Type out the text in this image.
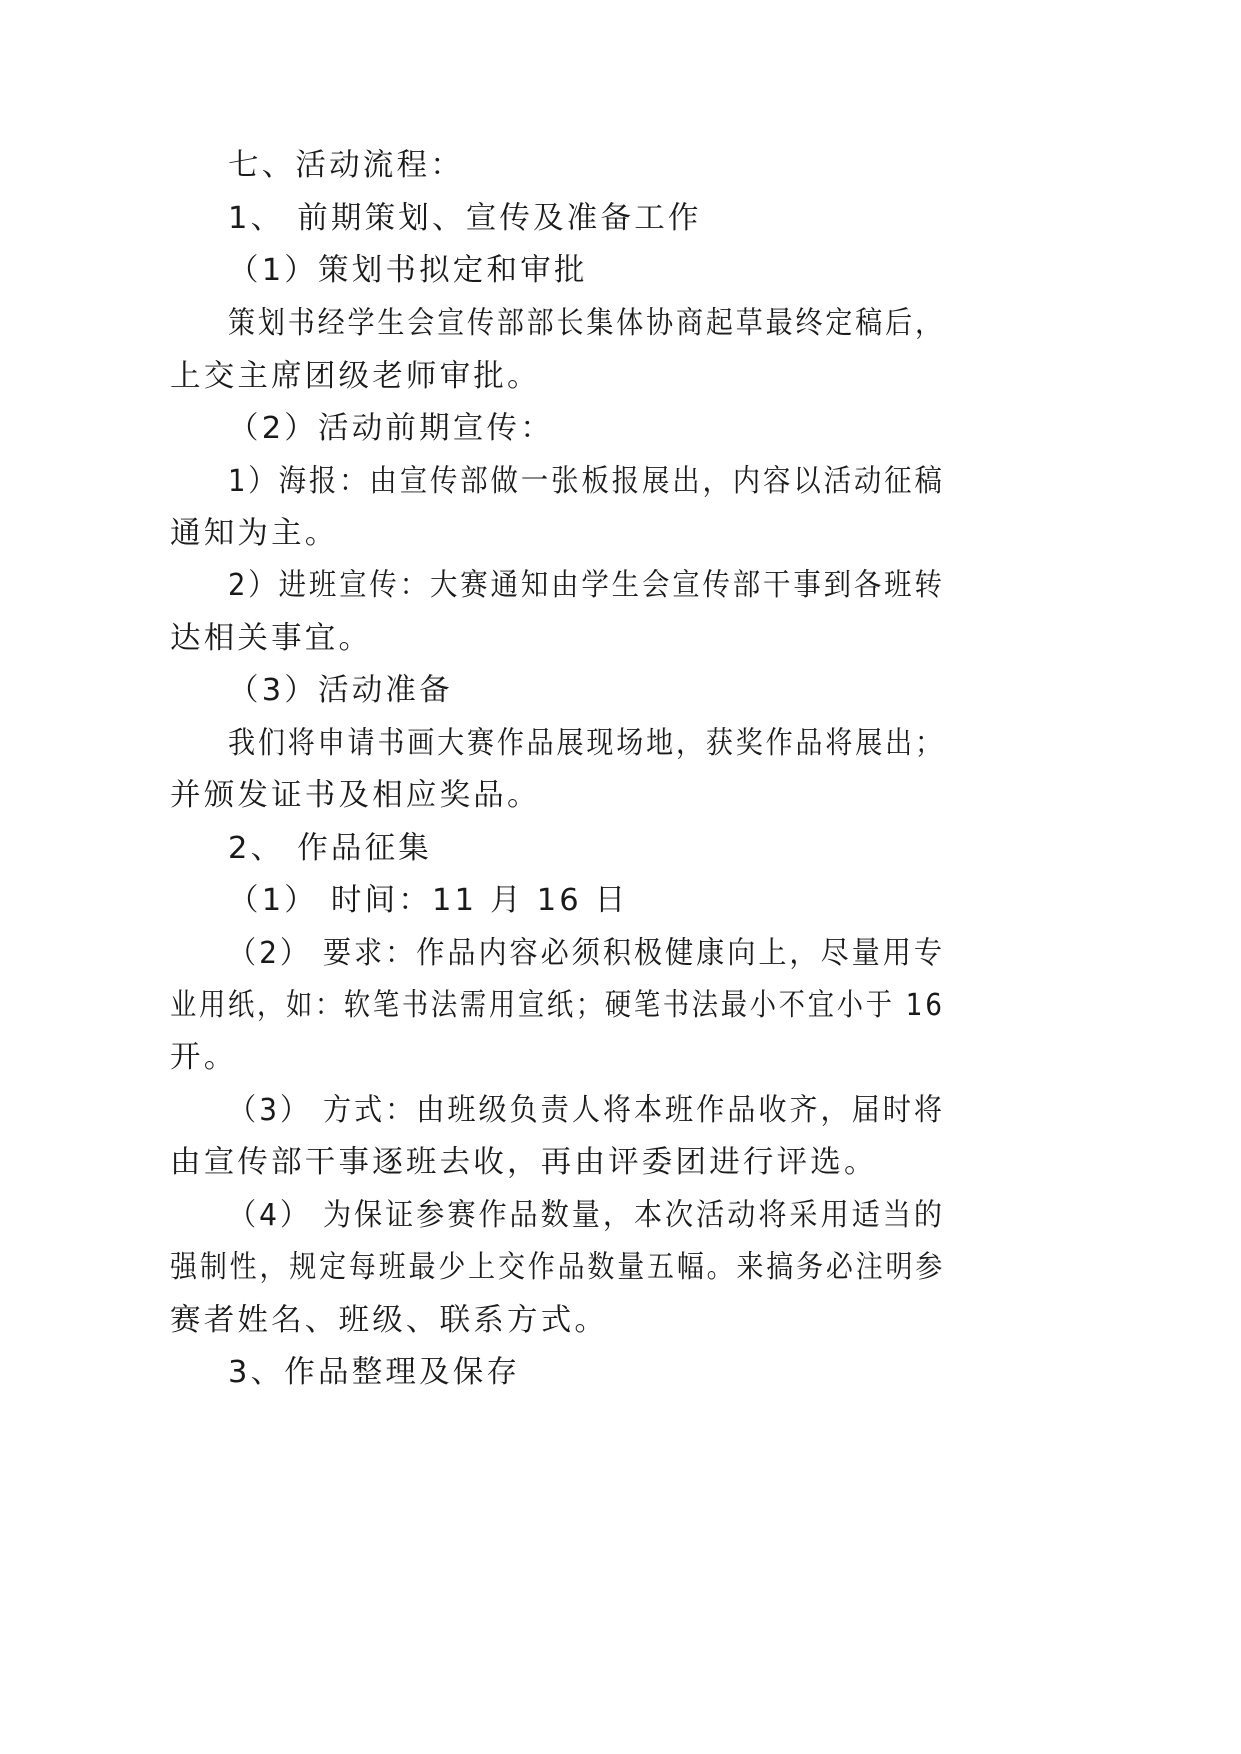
七、活动流程：

1、 前期策划、宣传及准备工作

（1）策划书拟定和审批

策划书经学生会宣传部部长集体协商起草最终定稿后，

上交主席团级老师审批。

（2）活动前期宣传：

1）海报：由宣传部做一张板报展出，内容以活动征稿

通知为主。

2）进班宣传：大赛通知由学生会宣传部干事到各班转

达相关事宜。

（3）活动准备

我们将申请书画大赛作品展现场地，获奖作品将展出；

并颁发证书及相应奖品。

2、 作品征集

（1） 时间：11 月 16 日

（2） 要求：作品内容必须积极健康向上，尽量用专

业用纸，如：软笔书法需用宣纸；硬笔书法最小不宜小于 16

开。

（3） 方式：由班级负责人将本班作品收齐，届时将

由宣传部干事逐班去收，再由评委团进行评选。

（4） 为保证参赛作品数量，本次活动将采用适当的

强制性，规定每班最少上交作品数量五幅。来搞务必注明参

赛者姓名、班级、联系方式。

3、作品整理及保存
